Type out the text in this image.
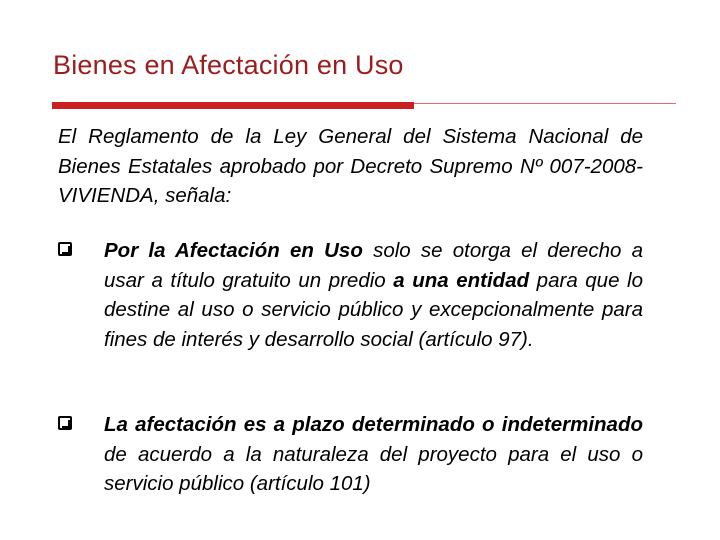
Bienes en Afectación en Uso

El Reglamento de la Ley General del Sistema Nacional de Bienes Estatales aprobado por Decreto Supremo Nº 007-2008-VIVIENDA, señala:

Por la Afectación en Uso solo se otorga el derecho a usar a título gratuito un predio a una entidad para que lo destine al uso o servicio público y excepcionalmente para fines de interés y desarrollo social (artículo 97).

La afectación es a plazo determinado o indeterminado de acuerdo a la naturaleza del proyecto para el uso o servicio público (artículo 101)
